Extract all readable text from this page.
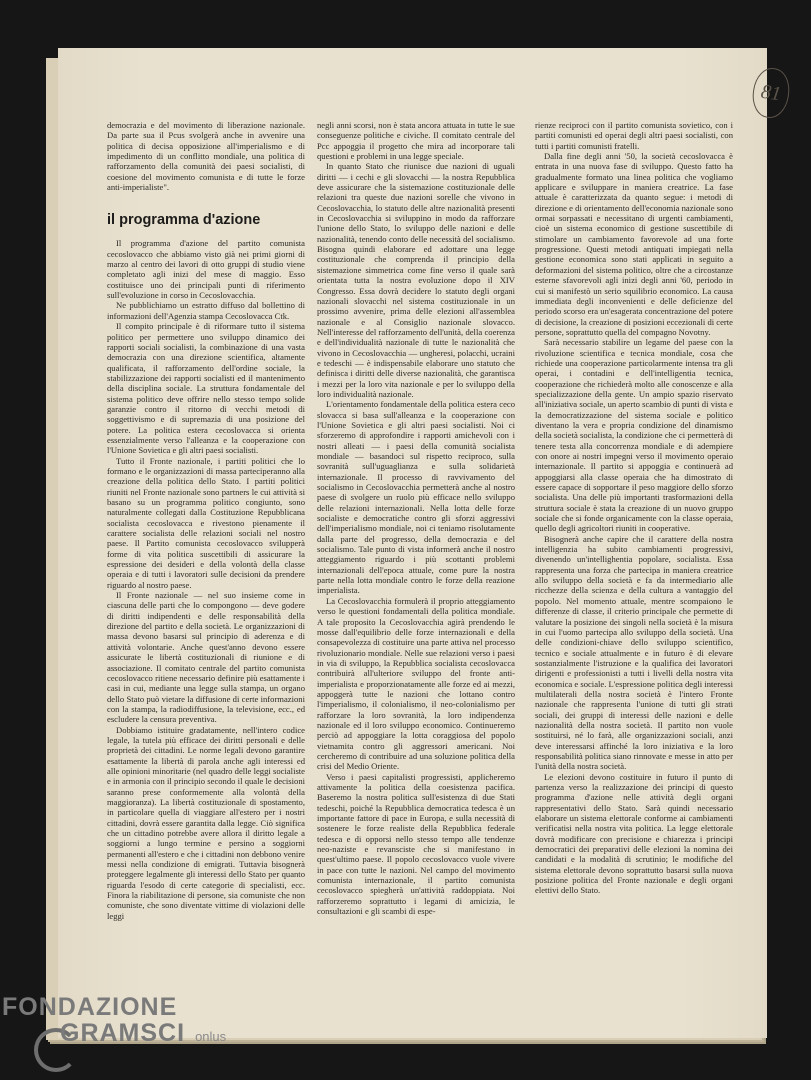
81

democrazia e del movimento di liberazione nazionale. Da parte sua il Pcus svolgerà anche in avvenire una politica di decisa opposizione all'imperialismo e di impedimento di un conflitto mondiale, una politica di rafforzamento della comunità dei paesi socialisti, di coesione del movimento comunista e di tutte le forze anti-imperialiste".

il programma d'azione

Il programma d'azione del partito comunista cecoslovacco che abbiamo visto già nei primi giorni di marzo al centro dei lavori di otto gruppi di studio viene completato agli inizi del mese di maggio. Esso costituisce uno dei principali punti di riferimento sull'evoluzione in corso in Cecoslovacchia.

Ne pubblichiamo un estratto diffuso dal bollettino di informazioni dell'Agenzia stampa Cecoslovacca Ctk.

Il compito principale è di riformare tutto il sistema politico per permettere uno sviluppo dinamico dei rapporti sociali socialisti, la combinazione di una vasta democrazia con una direzione scientifica, altamente qualificata, il rafforzamento dell'ordine sociale, la stabilizzazione dei rapporti socialisti ed il mantenimento della disciplina sociale. La struttura fondamentale del sistema politico deve offrire nello stesso tempo solide garanzie contro il ritorno di vecchi metodi di soggettivismo e di supremazia di una posizione del potere. La politica estera cecoslovacca si orienta essenzialmente verso l'alleanza e la cooperazione con l'Unione Sovietica e gli altri paesi socialisti.

Tutto il Fronte nazionale, i partiti politici che lo formano e le organizzazioni di massa parteciperanno alla creazione della politica dello Stato. I partiti politici riuniti nel Fronte nazionale sono partners le cui attività si basano su un programma politico congiunto, sono naturalmente collegati dalla Costituzione Repubblicana socialista cecoslovacca e rivestono pienamente il carattere socialista delle relazioni sociali nel nostro paese. Il Partito comunista cecoslovacco svilupperà forme di vita politica suscettibili di assicurare la espressione dei desideri e della volontà della classe operaia e di tutti i lavoratori sulle decisioni da prendere riguardo al nostro paese.

Il Fronte nazionale — nel suo insieme come in ciascuna delle parti che lo compongono — deve godere di diritti indipendenti e delle responsabilità della direzione del partito e della società. Le organizzazioni di massa devono basarsi sul principio di aderenza e di attività volontarie. Anche quest'anno devono essere assicurate le libertà costituzionali di riunione e di associazione. Il comitato centrale del partito comunista cecoslovacco ritiene necessario definire più esattamente i casi in cui, mediante una legge sulla stampa, un organo dello Stato può vietare la diffusione di certe informazioni con la stampa, la radiodiffusione, la televisione, ecc., ed escludere la censura preventiva.

Dobbiamo istituire gradatamente, nell'intero codice legale, la tutela più efficace dei diritti personali e delle proprietà dei cittadini. Le norme legali devono garantire esattamente la libertà di parola anche agli interessi ed alle opinioni minoritarie (nel quadro delle leggi socialiste e in armonia con il principio secondo il quale le decisioni saranno prese conformemente alla volontà della maggioranza). La libertà costituzionale di spostamento, in particolare quella di viaggiare all'estero per i nostri cittadini, dovrà essere garantita dalla legge. Ciò significa che un cittadino potrebbe avere allora il diritto legale a soggiorni a lungo termine e persino a soggiorni permanenti all'estero e che i cittadini non debbono venire messi nella condizione di emigrati. Tuttavia bisognerà proteggere legalmente gli interessi dello Stato per quanto riguarda l'esodo di certe categorie di specialisti, ecc. Finora la riabilitazione di persone, sia comuniste che non comuniste, che sono diventate vittime di violazioni delle leggi

negli anni scorsi, non è stata ancora attuata in tutte le sue conseguenze politiche e civiche. Il comitato centrale del Pcc appoggia il progetto che mira ad incorporare tali questioni e problemi in una legge speciale.

In quanto Stato che riunisce due nazioni di uguali diritti — i cechi e gli slovacchi — la nostra Repubblica deve assicurare che la sistemazione costituzionale delle relazioni tra queste due nazioni sorelle che vivono in Cecoslovacchia, lo statuto delle altre nazionalità presenti in Cecoslovacchia si sviluppino in modo da rafforzare l'unione dello Stato, lo sviluppo delle nazioni e delle nazionalità, tenendo conto delle necessità del socialismo. Bisogna quindi elaborare ed adottare una legge costituzionale che comprenda il principio della sistemazione simmetrica come fine verso il quale sarà orientata tutta la nostra evoluzione dopo il XIV Congresso. Essa dovrà decidere lo statuto degli organi nazionali slovacchi nel sistema costituzionale in un prossimo avvenire, prima delle elezioni all'assemblea nazionale e al Consiglio nazionale slovacco. Nell'interesse del rafforzamento dell'unità, della coerenza e dell'individualità nazionale di tutte le nazionalità che vivono in Cecoslovacchia — ungheresi, polacchi, ucraini e tedeschi — è indispensabile elaborare uno statuto che definisca i diritti delle diverse nazionalità, che garantisca i mezzi per la loro vita nazionale e per lo sviluppo della loro individualità nazionale.

L'orientamento fondamentale della politica estera ceco slovacca si basa sull'alleanza e la cooperazione con l'Unione Sovietica e gli altri paesi socialisti. Noi ci sforzeremo di approfondire i rapporti amichevoli con i nostri alleati — i paesi della comunità socialista mondiale — basandoci sul rispetto reciproco, sulla sovranità sull'uguaglianza e sulla solidarietà internazionale. Il processo di ravvivamento del socialismo in Cecoslovacchia permetterà anche al nostro paese di svolgere un ruolo più efficace nello sviluppo delle relazioni internazionali. Nella lotta delle forze socialiste e democratiche contro gli sforzi aggressivi dell'imperialismo mondiale, noi ci teniamo risolutamente dalla parte del progresso, della democrazia e del socialismo. Tale punto di vista informerà anche il nostro atteggiamento riguardo i più scottanti problemi internazionali dell'epoca attuale, come pure la nostra parte nella lotta mondiale contro le forze della reazione imperialista.

La Cecoslovacchia formulerà il proprio atteggiamento verso le questioni fondamentali della politica mondiale. A tale proposito la Cecoslovacchia agirà prendendo le mosse dall'equilibrio delle forze internazionali e della consapevolezza di costituire una parte attiva nel processo rivoluzionario mondiale. Nelle sue relazioni verso i paesi in via di sviluppo, la Repubblica socialista cecoslovacca contribuirà all'ulteriore sviluppo del fronte anti-imperialista e proporzionatamente alle forze ed ai mezzi, appoggerà tutte le nazioni che lottano contro l'imperialismo, il colonialismo, il neo-colonialismo per rafforzare la loro sovranità, la loro indipendenza nazionale ed il loro sviluppo economico. Continueremo perciò ad appoggiare la lotta coraggiosa del popolo vietnamita contro gli aggressori americani. Noi cercheremo di contribuire ad una soluzione politica della crisi del Medio Oriente.

Verso i paesi capitalisti progressisti, applicheremo attivamente la politica della coesistenza pacifica. Baseremo la nostra politica sull'esistenza di due Stati tedeschi, poiché la Repubblica democratica tedesca è un importante fattore di pace in Europa, e sulla necessità di sostenere le forze realiste della Repubblica federale tedesca e di opporsi nello stesso tempo alle tendenze neo-naziste e revansciste che si manifestano in quest'ultimo paese. Il popolo cecoslovacco vuole vivere in pace con tutte le nazioni. Nel campo del movimento comunista internazionale, il partito comunista cecoslovacco spiegherà un'attività raddoppiata. Noi rafforzeremo soprattutto i legami di amicizia, le consultazioni e gli scambi di espe-

rienze reciproci con il partito comunista sovietico, con i partiti comunisti ed operai degli altri paesi socialisti, con tutti i partiti comunisti fratelli.

Dalla fine degli anni '50, la società cecoslovacca è entrata in una nuova fase di sviluppo. Questo fatto ha gradualmente formato una linea politica che vogliamo applicare e sviluppare in maniera creatrice. La fase attuale è caratterizzata da quanto segue: i metodi di direzione e di orientamento dell'economia nazionale sono ormai sorpassati e necessitano di urgenti cambiamenti, cioè un sistema economico di gestione suscettibile di stimolare un cambiamento favorevole ad una forte progressione. Questi metodi antiquati impiegati nella gestione economica sono stati applicati in seguito a deformazioni del sistema politico, oltre che a circostanze esterne sfavorevoli agli inizi degli anni '60, periodo in cui si manifestò un serio squilibrio economico. La causa immediata degli inconvenienti e delle deficienze del periodo scorso era un'esagerata concentrazione del potere di decisione, la creazione di posizioni eccezionali di certe persone, soprattutto quella del compagno Novotny.

Sarà necessario stabilire un legame del paese con la rivoluzione scientifica e tecnica mondiale, cosa che richiede una cooperazione particolarmente intensa tra gli operai, i contadini e dell'intelligentia tecnica, cooperazione che richiederà molto alle conoscenze e alla specializzazione della gente. Un ampio spazio riservato all'iniziativa sociale, un aperto scambio di punti di vista e la democratizzazione del sistema sociale e politico diventano la vera e propria condizione del dinamismo della società socialista, la condizione che ci permetterà di tenere testa alla concorrenza mondiale e di adempiere con onore ai nostri impegni verso il movimento operaio internazionale. Il partito si appoggia e continuerà ad appoggiarsi alla classe operaia che ha dimostrato di essere capace di sopportare il peso maggiore dello sforzo socialista. Una delle più importanti trasformazioni della struttura sociale è stata la creazione di un nuovo gruppo sociale che si fonde organicamente con la classe operaia, quello degli agricoltori riuniti in cooperative.

Bisognerà anche capire che il carattere della nostra intelligenzia ha subito cambiamenti progressivi, divenendo un'intellighentia popolare, socialista. Essa rappresenta una forza che partecipa in maniera creatrice allo sviluppo della società e fa da intermediario alle ricchezze della scienza e della cultura a vantaggio del popolo. Nel momento attuale, mentre scompaiono le differenze di classe, il criterio principale che permette di valutare la posizione dei singoli nella società è la misura in cui l'uomo partecipa allo sviluppo della società. Una delle condizioni-chiave dello sviluppo scientifico, tecnico e sociale attualmente e in futuro è di elevare sostanzialmente l'istruzione e la qualifica dei lavoratori dirigenti e professionisti a tutti i livelli della nostra vita economica e sociale. L'espressione politica degli interessi multilaterali della nostra società è l'intero Fronte nazionale che rappresenta l'unione di tutti gli strati sociali, dei gruppi di interessi delle nazioni e delle nazionalità della nostra società. Il partito non vuole sostituirsi, né lo farà, alle organizzazioni sociali, anzi deve interessarsi affinché la loro iniziativa e la loro responsabilità politica siano rinnovate e messe in atto per l'unità della nostra società.

Le elezioni devono costituire in futuro il punto di partenza verso la realizzazione dei principi di questo programma d'azione nelle attività degli organi rappresentativi dello Stato. Sarà quindi necessario elaborare un sistema elettorale conforme ai cambiamenti verificatisi nella nostra vita politica. La legge elettorale dovrà modificare con precisione e chiarezza i principi democratici dei preparativi delle elezioni la nomina dei candidati e la modalità di scrutinio; le modifiche del sistema elettorale devono soprattutto basarsi sulla nuova posizione politica del Fronte nazionale e degli organi elettivi dello Stato.

FONDAZIONE
GRAMSCI onlus
